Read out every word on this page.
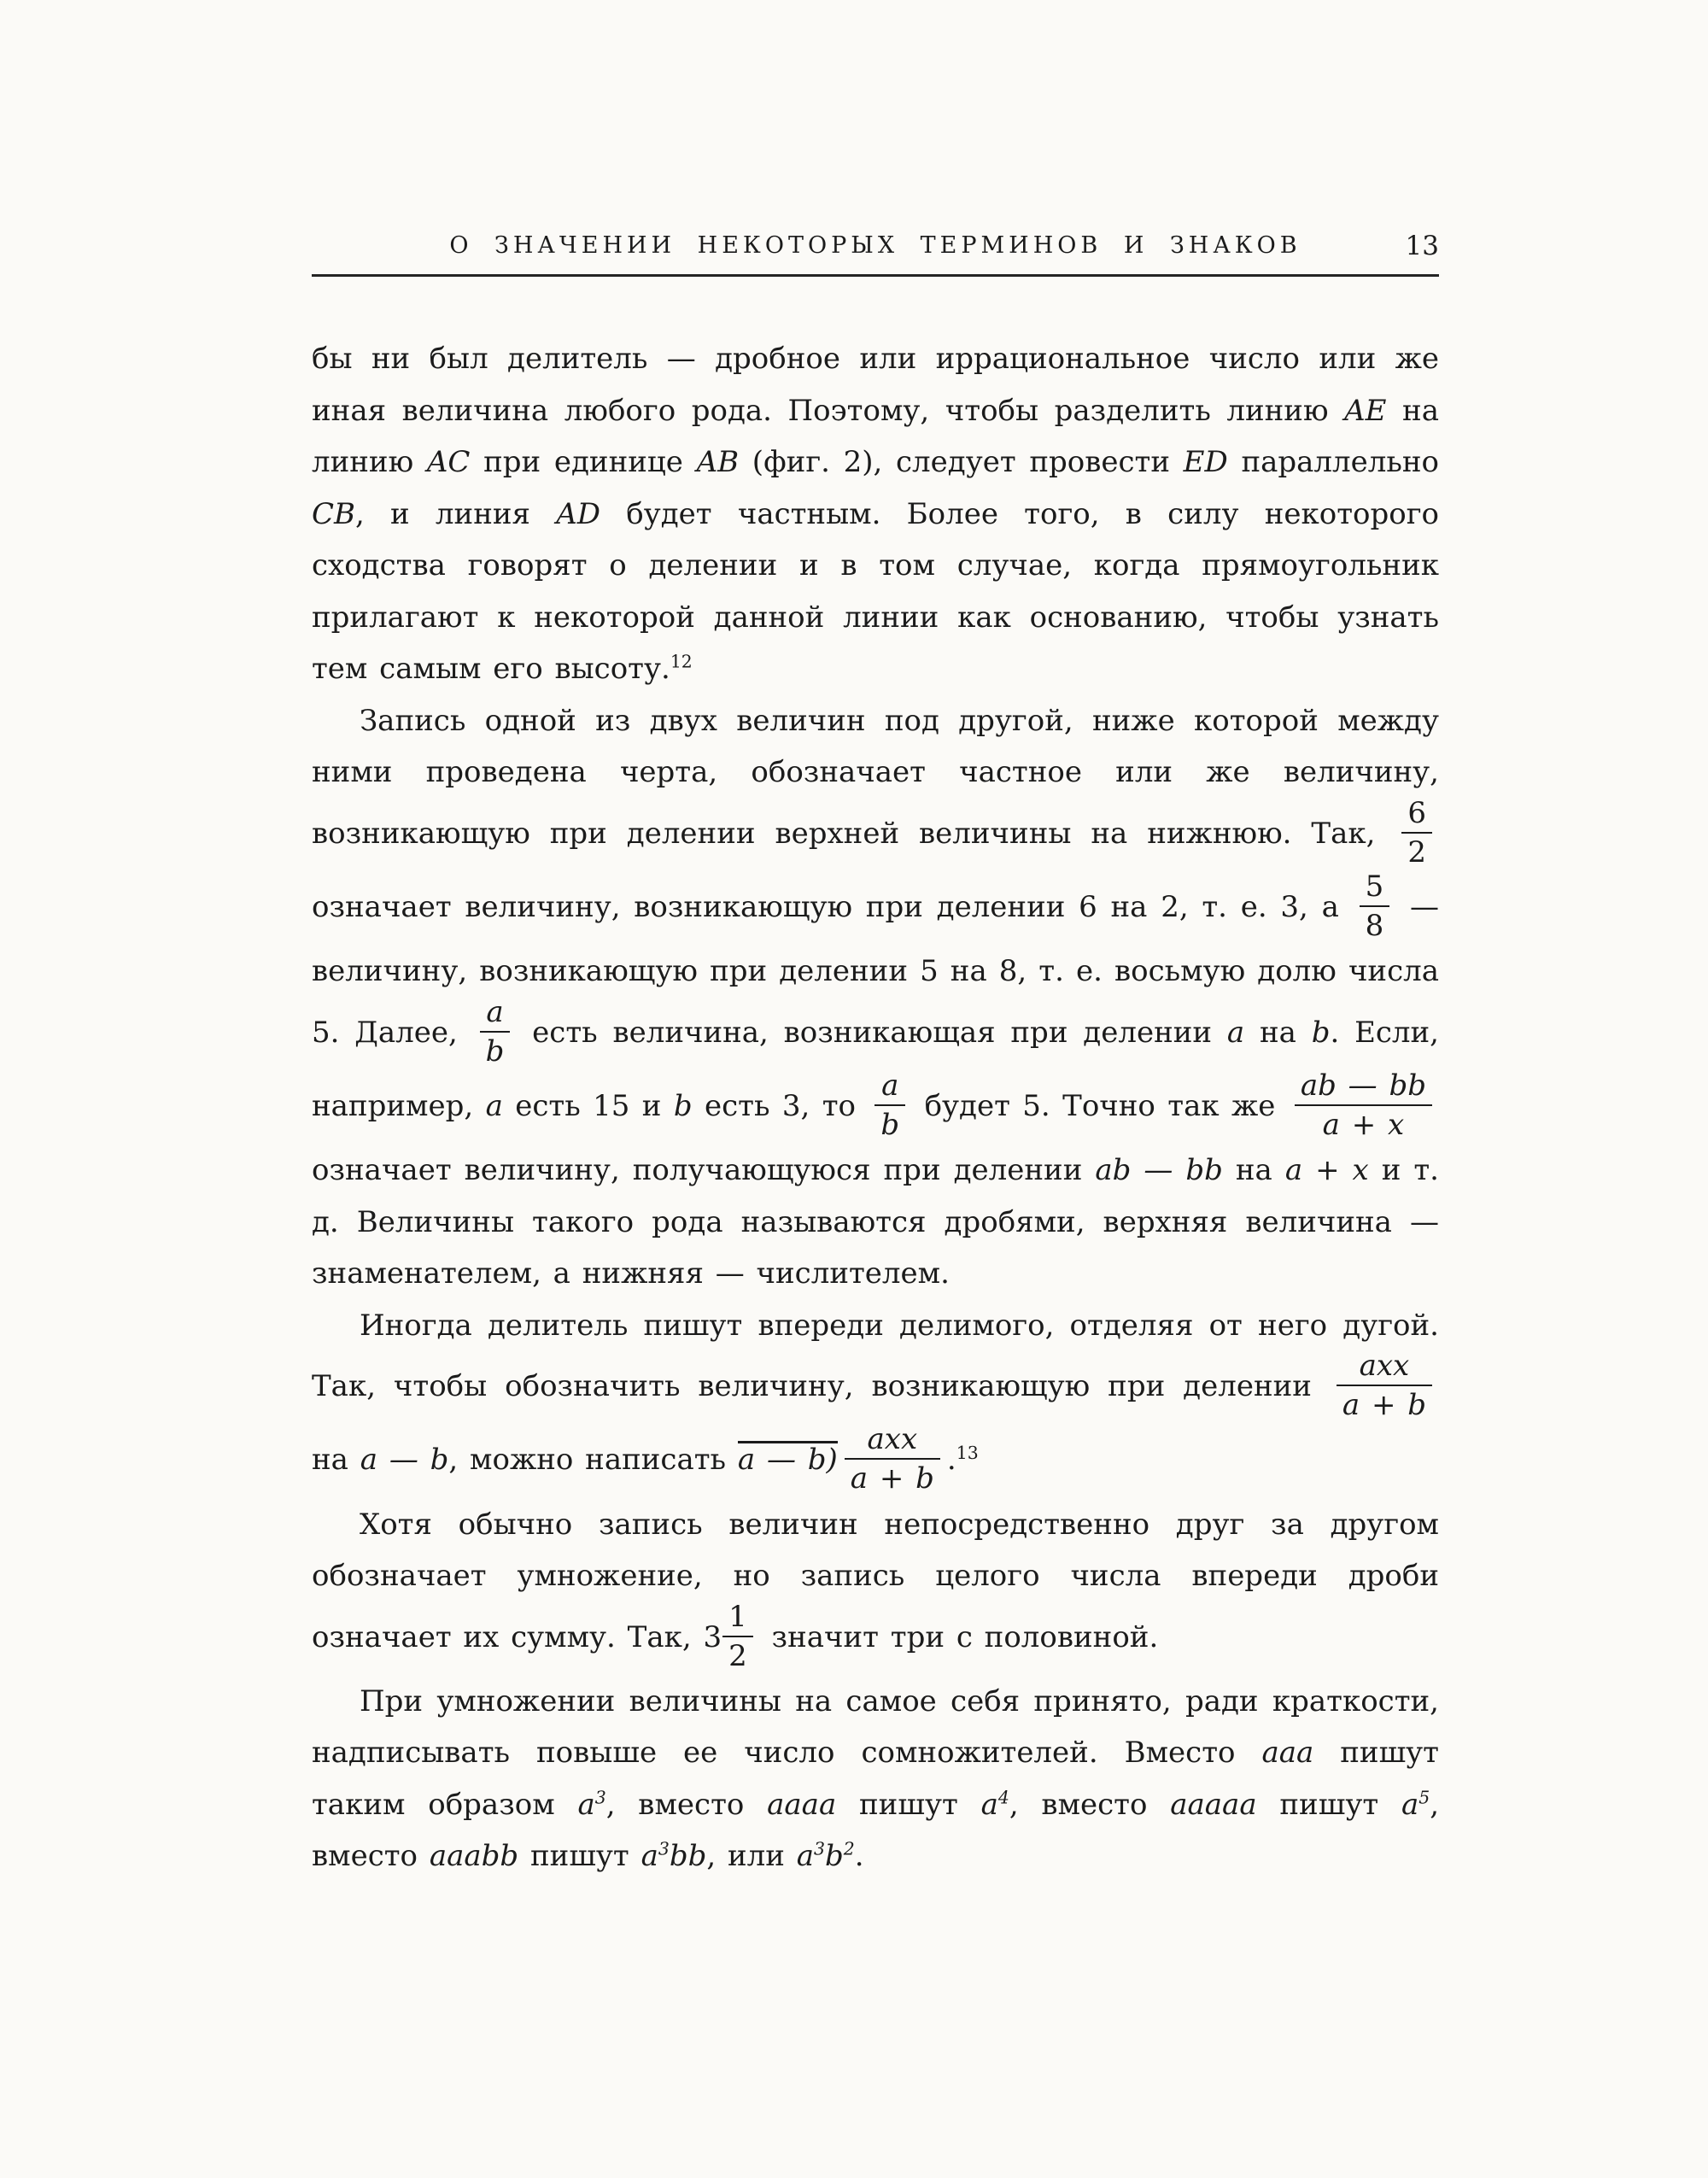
О ЗНАЧЕНИИ НЕКОТОРЫХ ТЕРМИНОВ И ЗНАКОВ	13

бы ни был делитель — дробное или иррациональное число или же иная величина любого рода. Поэтому, чтобы разделить линию AE на линию AC при единице AB (фиг. 2), следует провести ED параллельно CB, и линия AD будет частным. Более того, в силу некоторого сходства говорят о делении и в том случае, когда прямоугольник прилагают к некоторой данной линии как основанию, чтобы узнать тем самым его высоту.$^{12}$

Запись одной из двух величин под другой, ниже которой между ними проведена черта, обозначает частное или же величину, возникающую при делении верхней величины на нижнюю. Так, $\frac{6}{2}$
означает величину, возникающую при делении 6 на 2, т. е. 3, а $\frac{5}{8}$ — величину, возникающую при делении 5 на 8, т. е. восьмую долю числа 5. Далее, $\frac{a}{b}$ есть величина, возникающая при делении a на b. Если, например, a есть 15 и b есть 3, то $\frac{a}{b}$ будет 5. Точно так же $\frac{ab — bb}{a + x}$
означает величину, получающуюся при делении ab — bb на a + x и т. д. Величины такого рода называются дробями, верхняя величина — знаменателем, а нижняя — числителем.

Иногда делитель пишут впереди делимого, отделяя от него дугой. Так, чтобы обозначить величину, возникающую при делении $\frac{\text{axx}}{a + b}$
на a — b, можно написать a — $b) \frac{\text{axx}}{a + b} .^{13}$

Хотя обычно запись величин непосредственно друг за другом обозначает умножение, но запись целого числа впереди дроби означает их сумму. Так, $3 \frac{1}{2}$ значит три с половиной.

При умножении величины на самое себя принято, ради краткости, надписывать повыше ее число сомножителей. Вместо aaa пишут таким образом $a^3$, вместо aaaa пишут $a^4$, вместо aaaaa пишут $a^5$, вместо aaabb пишут $a^3bb$, или $a^3b^2$.
